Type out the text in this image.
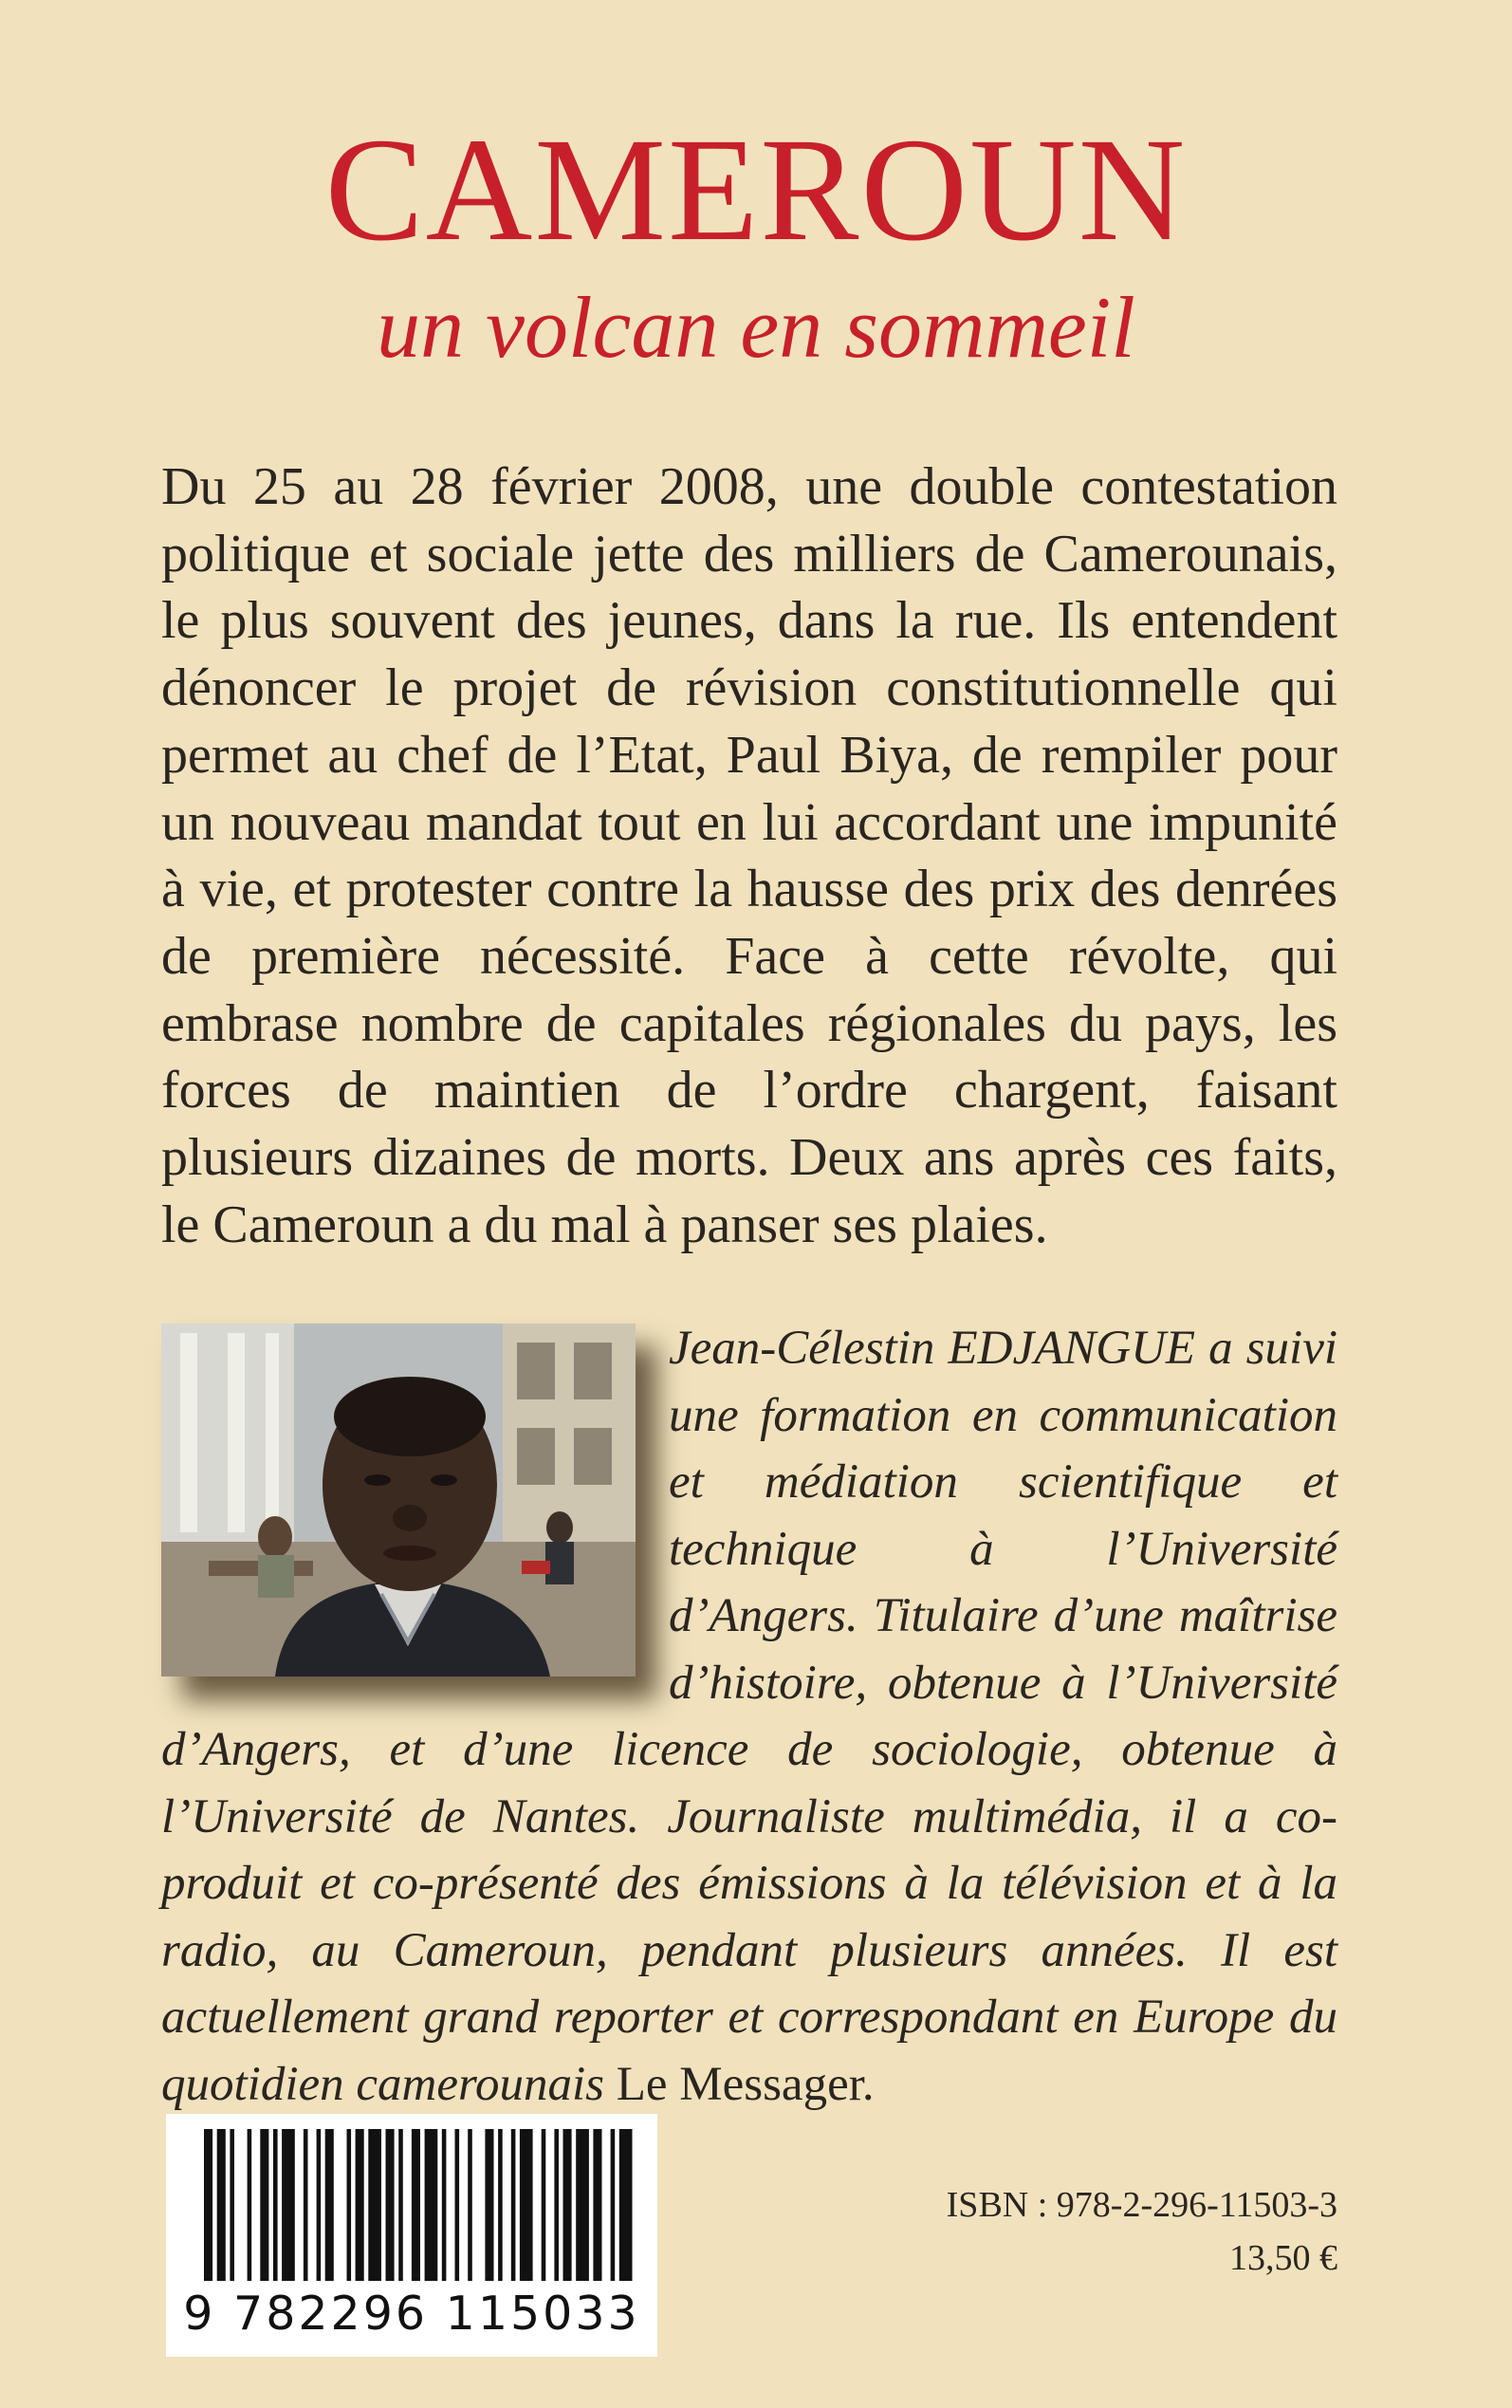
CAMEROUN
un volcan en sommeil

Du 25 au 28 février 2008, une double contestation politique et sociale jette des milliers de Camerounais, le plus souvent des jeunes, dans la rue. Ils entendent dénoncer le projet de révision constitutionnelle qui permet au chef de l’Etat, Paul Biya, de rempiler pour un nouveau mandat tout en lui accordant une impunité à vie, et protester contre la hausse des prix des denrées de première nécessité. Face à cette révolte, qui embrase nombre de capitales régionales du pays, les forces de maintien de l’ordre chargent, faisant plusieurs dizaines de morts. Deux ans après ces faits, le Cameroun a du mal à panser ses plaies.

Jean-Célestin EDJANGUE a suivi une formation en communication et médiation scientifique et technique à l’Université d’Angers. Titulaire d’une maîtrise d’histoire, obtenue à l’Université d’Angers, et d’une licence de sociologie, obtenue à l’Université de Nantes. Journaliste multimédia, il a co-produit et co-présenté des émissions à la télévision et à la radio, au Cameroun, pendant plusieurs années. Il est actuellement grand reporter et correspondant en Europe du quotidien camerounais Le Messager.

9 782296 115033
ISBN : 978-2-296-11503-3
13,50 €
